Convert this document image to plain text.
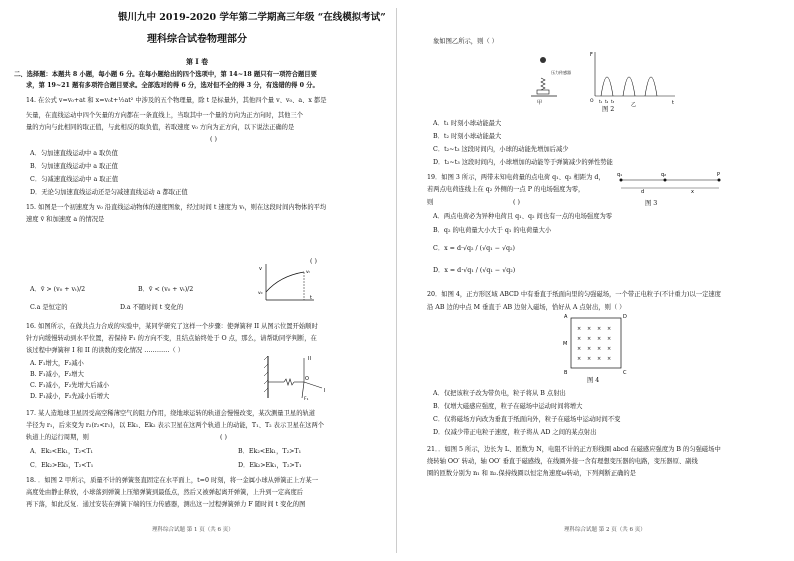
银川九中 2019-2020 学年第二学期高三年级 “在线模拟考试”
理科综合试卷物理部分
第 I 卷
二、选择题：本题共 8 小题，每小题 6 分。在每小题给出的四个选项中，第 14~18 题只有一项符合题目要
求，第 19~21 题有多项符合题目要求。全部选对的得 6 分，选对但不全的得 3 分，有选错的得 0 分。
14. 在公式 v=v₀+at 和 x=v₀t+½at² 中涉及的五个物理量，除 t 是标量外，其他四个量 v、v₀、a、x 都是
矢量，在直线运动中四个矢量的方向都在一条直线上，当取其中一个量的方向为正方向时，其他三个
量的方向与此相同的取正值，与此相反的取负值，若取速度 v₀ 方向为正方向，以下说法正确的是
( )
A．匀加速直线运动中 a 取负值
B．匀加速直线运动中 a 取正值
C．匀减速直线运动中 a 取正值
D．无论匀加速直线运动还是匀减速直线运动 a 都取正值
15. 如图是一个初速度为 v₀ 沿直线运动物体的速度图象，经过时间 t 速度为 vₜ，则在这段时间内物体的平均
速度 v̄ 和加速度 a 的情况是
( )
A．v̄ > (v₀ + vₜ)/2	B．v̄ < (v₀ + vₜ)/2
C.a 是恒定的	D.a 不随时间 t 变化的
v
v₀
vₜ
t
16. 如图所示，在做共点力合成的实验中，某同学研究了这样一个步骤：使弹簧秤 II 从图示位置开始顺时
针方向缓慢转动到水平位置，若保持 F₁ 的方向不变，且结点始终处于 O 点，那么，请帮助同学判断，在
该过程中弹簧秤 I 和 II 的读数的变化情况 …………（ ）
A. F₁增大，F₂减小
B. F₁减小，F₂增大
C. F₁减小，F₂先增大后减小
D. F₁减小，F₂先减小后增大
II
I
O
F₁
17. 某人造地球卫星因受高空稀薄空气的阻力作用，绕地球运转的轨道会慢慢改变，某次测量卫星的轨道
半径为 r₁，后来变为 r₂(r₂<r₁)，以 Ek₁、Ek₂ 表示卫星在这两个轨道上的动能，T₁、T₂ 表示卫星在这两个
轨道上的运行周期，则	( )
A．Ek₂<Ek₁，T₂<T₁	B．Ek₂<Ek₁，T₂>T₁
C．Ek₂>Ek₁，T₂<T₁	D．Ek₂>Ek₁，T₂>T₁
18. ．如图 2 甲所示，质量不计的弹簧竖直固定在水平面上，t=0 时刻，将一金属小球从弹簧正上方某一
高度处由静止释放，小球落到弹簧上压缩弹簧到最低点，然后又被弹起离开弹簧，上升到一定高度后
再下落，如此反复．通过安装在弹簧下端的压力传感器，测出这一过程弹簧弹力 F 随时间 t 变化的图
理科综合试题 第 1 页（共 6 页）
象如图乙所示，则（ ）
压力传感器
甲
F
t
O t₁ t₂ t₃
乙
图 2
A．t₁ 时刻小球动能最大
B．t₂ 时刻小球动能最大
C．t₂~t₃ 这段时间内，小球的动能先增加后减少
D．t₂~t₃ 这段时间内，小球增加的动能等于弹簧减少的弹性势能
19．如图 3 所示，两带未知电荷量的点电荷 q₁、q₂ 相距为 d，
若两点电荷连线上在 q₂ 外侧的一点 P 的电场强度为零，
则	( )
q₁	q₂	P
d	x
图 3
A．两点电荷必为异种电荷且 q₁、q₂ 间也有一点的电场强度为零
B．q₂ 的电荷量大小大于 q₁ 的电荷量大小
C．x = d·√q₂ / (√q₁ − √q₂)
D．x = d·√q₁ / (√q₁ − √q₂)
20．如图 4，正方形区域 ABCD 中有垂直于纸面向里的匀强磁场，一个带正电粒子(不计重力)以一定速度
沿 AB 边的中点 M 垂直于 AB 边射入磁场，恰好从 A 点射出，则（ ）
× × × ×
× × × ×
× × × ×
× × × ×
A	D
B	C
M
图 4
A．仅把该粒子改为带负电，粒子将从 B 点射出
B．仅增大磁感应强度，粒子在磁场中运动时间将增大
C．仅将磁场方向改为垂直于纸面向外，粒子在磁场中运动时间不变
D．仅减少带正电粒子速度，粒子将从 AD 之间的某点射出
21．．如图 5 所示，边长为 L、匝数为 N，电阻不计的正方形线圈 abcd 在磁感应强度为 B 的匀强磁场中
绕转轴 OO′ 转动，轴 OO′ 垂直于磁感线，在线圈外接一含有理想变压器的电路，变压器原、副线
圈的匝数分别为 n₁ 和 n₂.保持线圈以恒定角速度ω转动，下列判断正确的是
理科综合试题 第 2 页（共 6 页）
